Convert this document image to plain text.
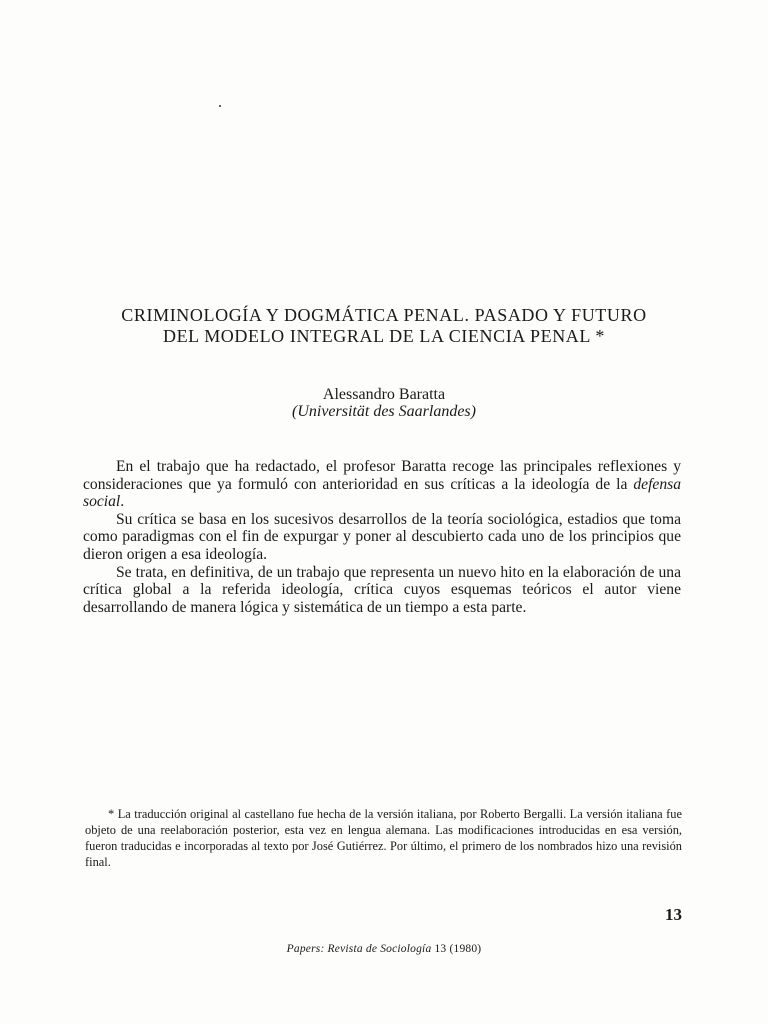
CRIMINOLOGÍA Y DOGMÁTICA PENAL. PASADO Y FUTURO
DEL MODELO INTEGRAL DE LA CIENCIA PENAL *
Alessandro Baratta
(Universität des Saarlandes)

En el trabajo que ha redactado, el profesor Baratta recoge las principales reflexiones y consideraciones que ya formuló con anterioridad en sus críticas a la ideología de la defensa social.

Su crítica se basa en los sucesivos desarrollos de la teoría sociológica, estadios que toma como paradigmas con el fin de expurgar y poner al descubierto cada uno de los principios que dieron origen a esa ideología.

Se trata, en definitiva, de un trabajo que representa un nuevo hito en la elaboración de una crítica global a la referida ideología, crítica cuyos esquemas teóricos el autor viene desarrollando de manera lógica y sistemática de un tiempo a esta parte.

* La traducción original al castellano fue hecha de la versión italiana, por Roberto Bergalli. La versión italiana fue objeto de una reelaboración posterior, esta vez en lengua alemana. Las modificaciones introducidas en esa versión, fueron traducidas e incorporadas al texto por José Gutiérrez. Por último, el primero de los nombrados hizo una revisión final.

13
Papers: Revista de Sociología 13 (1980)
